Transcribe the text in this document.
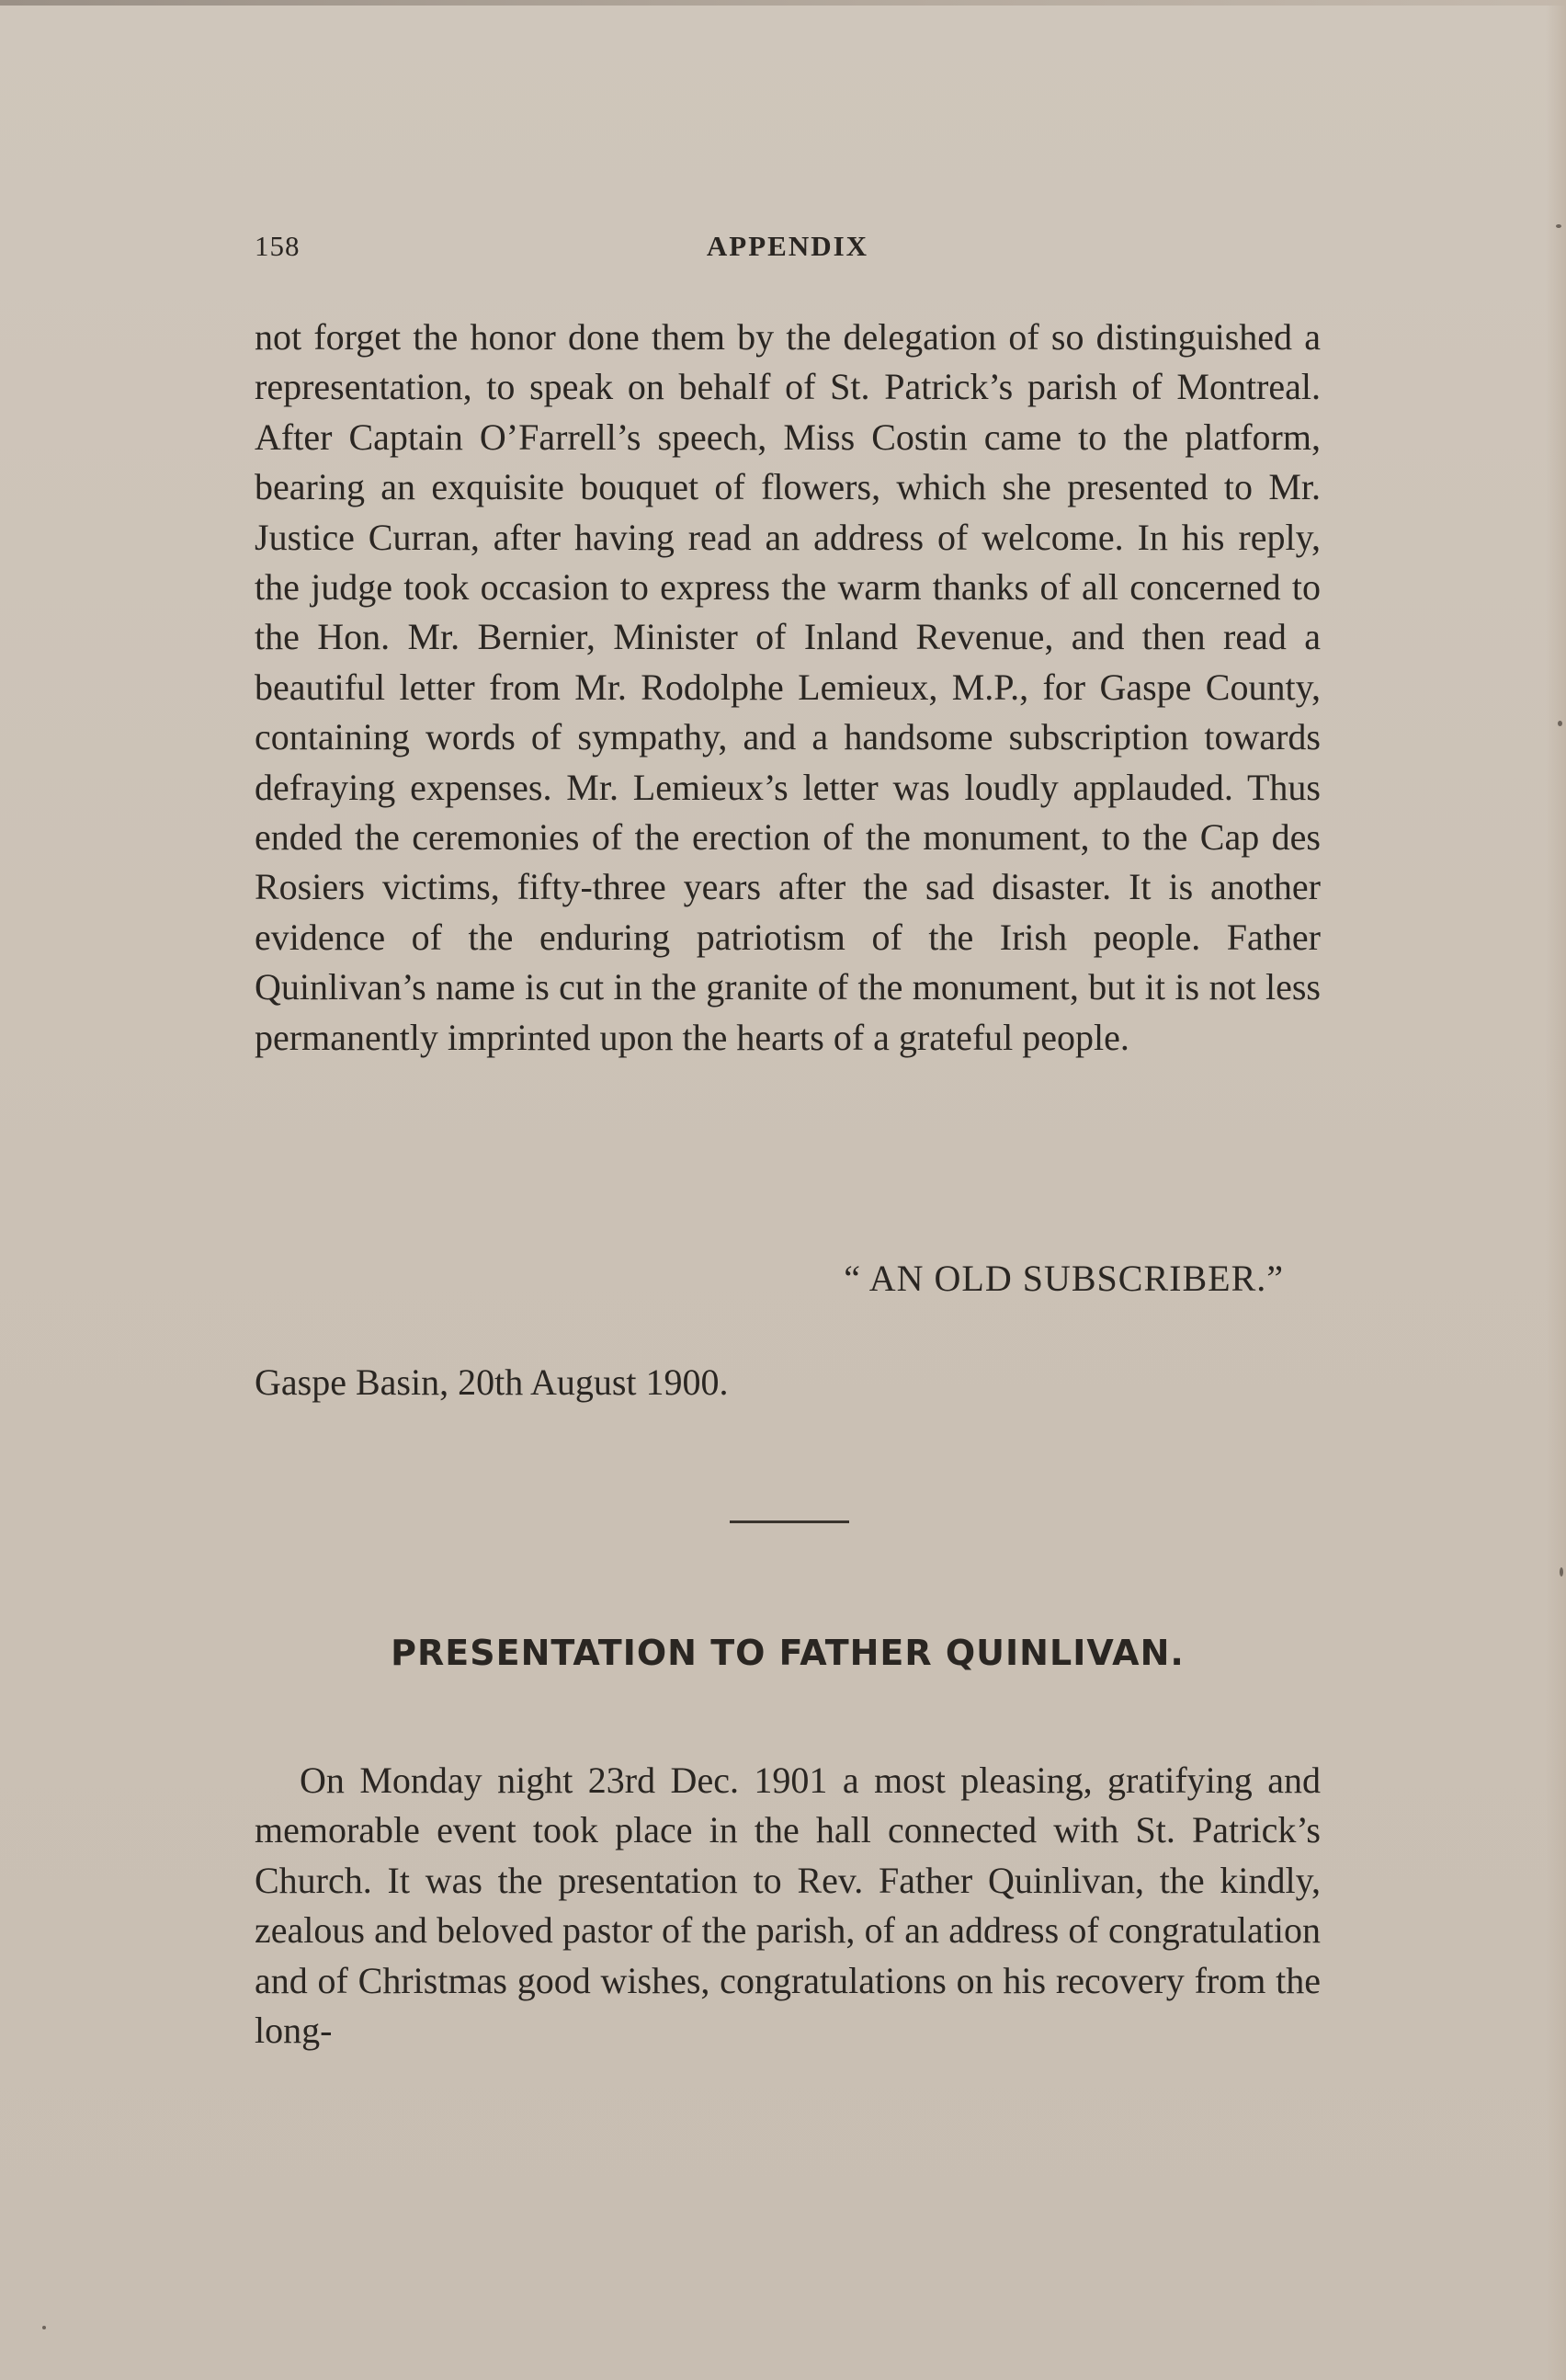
158	APPENDIX

not forget the honor done them by the delegation of so distinguished a representation, to speak on behalf of St. Patrick’s parish of Montreal. After Captain O’Farrell’s speech, Miss Costin came to the platform, bearing an exquisite bouquet of flowers, which she presented to Mr. Justice Curran, after having read an address of welcome. In his reply, the judge took occasion to express the warm thanks of all concerned to the Hon. Mr. Bernier, Minister of Inland Revenue, and then read a beautiful letter from Mr. Rodolphe Lemieux, M.P., for Gaspe County, containing words of sympathy, and a handsome subscription towards defraying expenses. Mr. Lemieux’s letter was loudly applauded. Thus ended the ceremonies of the erection of the monument, to the Cap des Rosiers victims, fifty-three years after the sad disaster. It is another evidence of the enduring patriotism of the Irish people. Father Quinlivan’s name is cut in the granite of the monument, but it is not less permanently imprinted upon the hearts of a grateful people.

“ AN OLD SUBSCRIBER.”
Gaspe Basin, 20th August 1900.
PRESENTATION TO FATHER QUINLIVAN.

On Monday night 23rd Dec. 1901 a most pleasing, gratifying and memorable event took place in the hall connected with St. Patrick’s Church. It was the presentation to Rev. Father Quinlivan, the kindly, zealous and beloved pastor of the parish, of an address of congratulation and of Christmas good wishes, congratulations on his recovery from the long-
